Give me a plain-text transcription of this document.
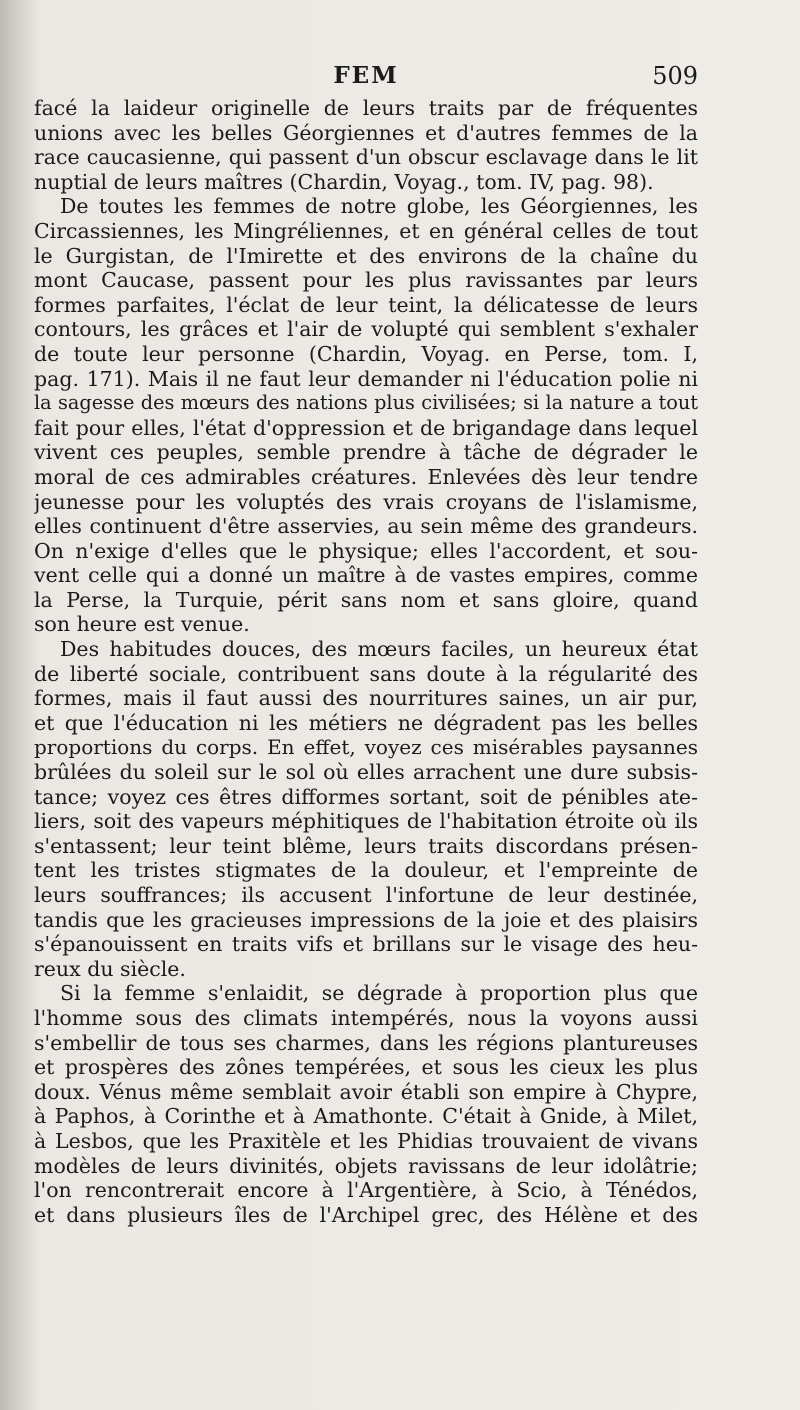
FEM	509
facé la laideur originelle de leurs traits par de fréquentes
unions avec les belles Géorgiennes et d'autres femmes de la
race caucasienne, qui passent d'un obscur esclavage dans le lit
nuptial de leurs maîtres (Chardin, Voyag., tom. IV, pag. 98).
De toutes les femmes de notre globe, les Géorgiennes, les
Circassiennes, les Mingréliennes, et en général celles de tout
le Gurgistan, de l'Imirette et des environs de la chaîne du
mont Caucase, passent pour les plus ravissantes par leurs
formes parfaites, l'éclat de leur teint, la délicatesse de leurs
contours, les grâces et l'air de volupté qui semblent s'exhaler
de toute leur personne (Chardin, Voyag. en Perse, tom. I,
pag. 171). Mais il ne faut leur demander ni l'éducation polie ni
la sagesse des mœurs des nations plus civilisées; si la nature a tout
fait pour elles, l'état d'oppression et de brigandage dans lequel
vivent ces peuples, semble prendre à tâche de dégrader le
moral de ces admirables créatures. Enlevées dès leur tendre
jeunesse pour les voluptés des vrais croyans de l'islamisme,
elles continuent d'être asservies, au sein même des grandeurs.
On n'exige d'elles que le physique; elles l'accordent, et sou-
vent celle qui a donné un maître à de vastes empires, comme
la Perse, la Turquie, périt sans nom et sans gloire, quand
son heure est venue.
Des habitudes douces, des mœurs faciles, un heureux état
de liberté sociale, contribuent sans doute à la régularité des
formes, mais il faut aussi des nourritures saines, un air pur,
et que l'éducation ni les métiers ne dégradent pas les belles
proportions du corps. En effet, voyez ces misérables paysannes
brûlées du soleil sur le sol où elles arrachent une dure subsis-
tance; voyez ces êtres difformes sortant, soit de pénibles ate-
liers, soit des vapeurs méphitiques de l'habitation étroite où ils
s'entassent; leur teint blême, leurs traits discordans présen-
tent les tristes stigmates de la douleur, et l'empreinte de
leurs souffrances; ils accusent l'infortune de leur destinée,
tandis que les gracieuses impressions de la joie et des plaisirs
s'épanouissent en traits vifs et brillans sur le visage des heu-
reux du siècle.
Si la femme s'enlaidit, se dégrade à proportion plus que
l'homme sous des climats intempérés, nous la voyons aussi
s'embellir de tous ses charmes, dans les régions plantureuses
et prospères des zônes tempérées, et sous les cieux les plus
doux. Vénus même semblait avoir établi son empire à Chypre,
à Paphos, à Corinthe et à Amathonte. C'était à Gnide, à Milet,
à Lesbos, que les Praxitèle et les Phidias trouvaient de vivans
modèles de leurs divinités, objets ravissans de leur idolâtrie;
l'on rencontrerait encore à l'Argentière, à Scio, à Ténédos,
et dans plusieurs îles de l'Archipel grec, des Hélène et des
